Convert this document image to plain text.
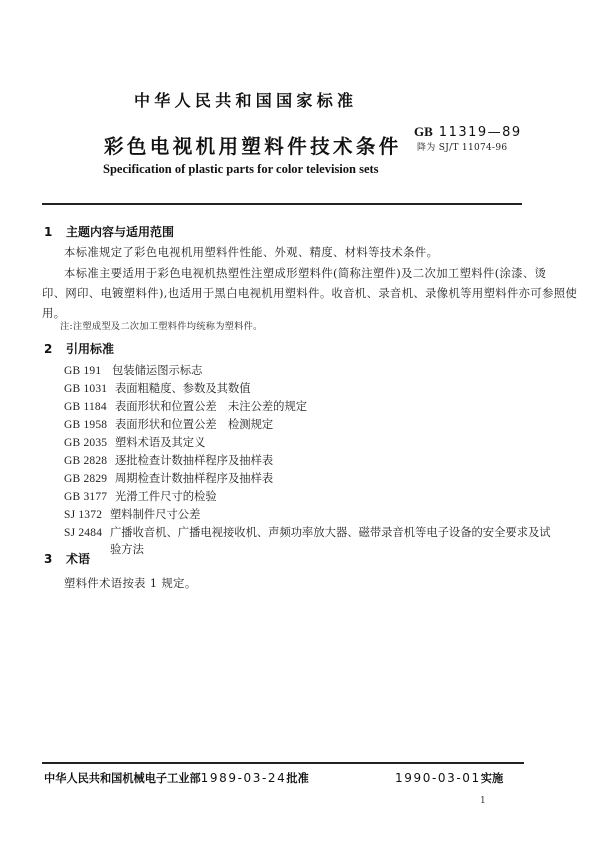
中华人民共和国国家标准
彩色电视机用塑料件技术条件
GB 11319—89
降为 SJ/T 11074-96
Specification of plastic parts for color television sets
1 主题内容与适用范围
本标准规定了彩色电视机用塑料件性能、外观、精度、材料等技术条件。
本标准主要适用于彩色电视机热塑性注塑成形塑料件(简称注塑件)及二次加工塑料件(涂漆、烫
印、网印、电镀塑料件),也适用于黑白电视机用塑料件。收音机、录音机、录像机等用塑料件亦可参照使
用。
注:注塑成型及二次加工塑料件均统称为塑料件。
2 引用标准
GB 191 包装储运图示标志
GB 1031 表面粗糙度、参数及其数值
GB 1184 表面形状和位置公差　未注公差的规定
GB 1958 表面形状和位置公差　检测规定
GB 2035 塑料术语及其定义
GB 2828 逐批检查计数抽样程序及抽样表
GB 2829 周期检查计数抽样程序及抽样表
GB 3177 光滑工件尺寸的检验
SJ 1372 塑料制件尺寸公差
SJ 2484 广播收音机、广播电视接收机、声频功率放大器、磁带录音机等电子设备的安全要求及试
验方法
3 术语
塑料件术语按表 1 规定。
中华人民共和国机械电子工业部1989-03-24批准	1990-03-01实施
1
